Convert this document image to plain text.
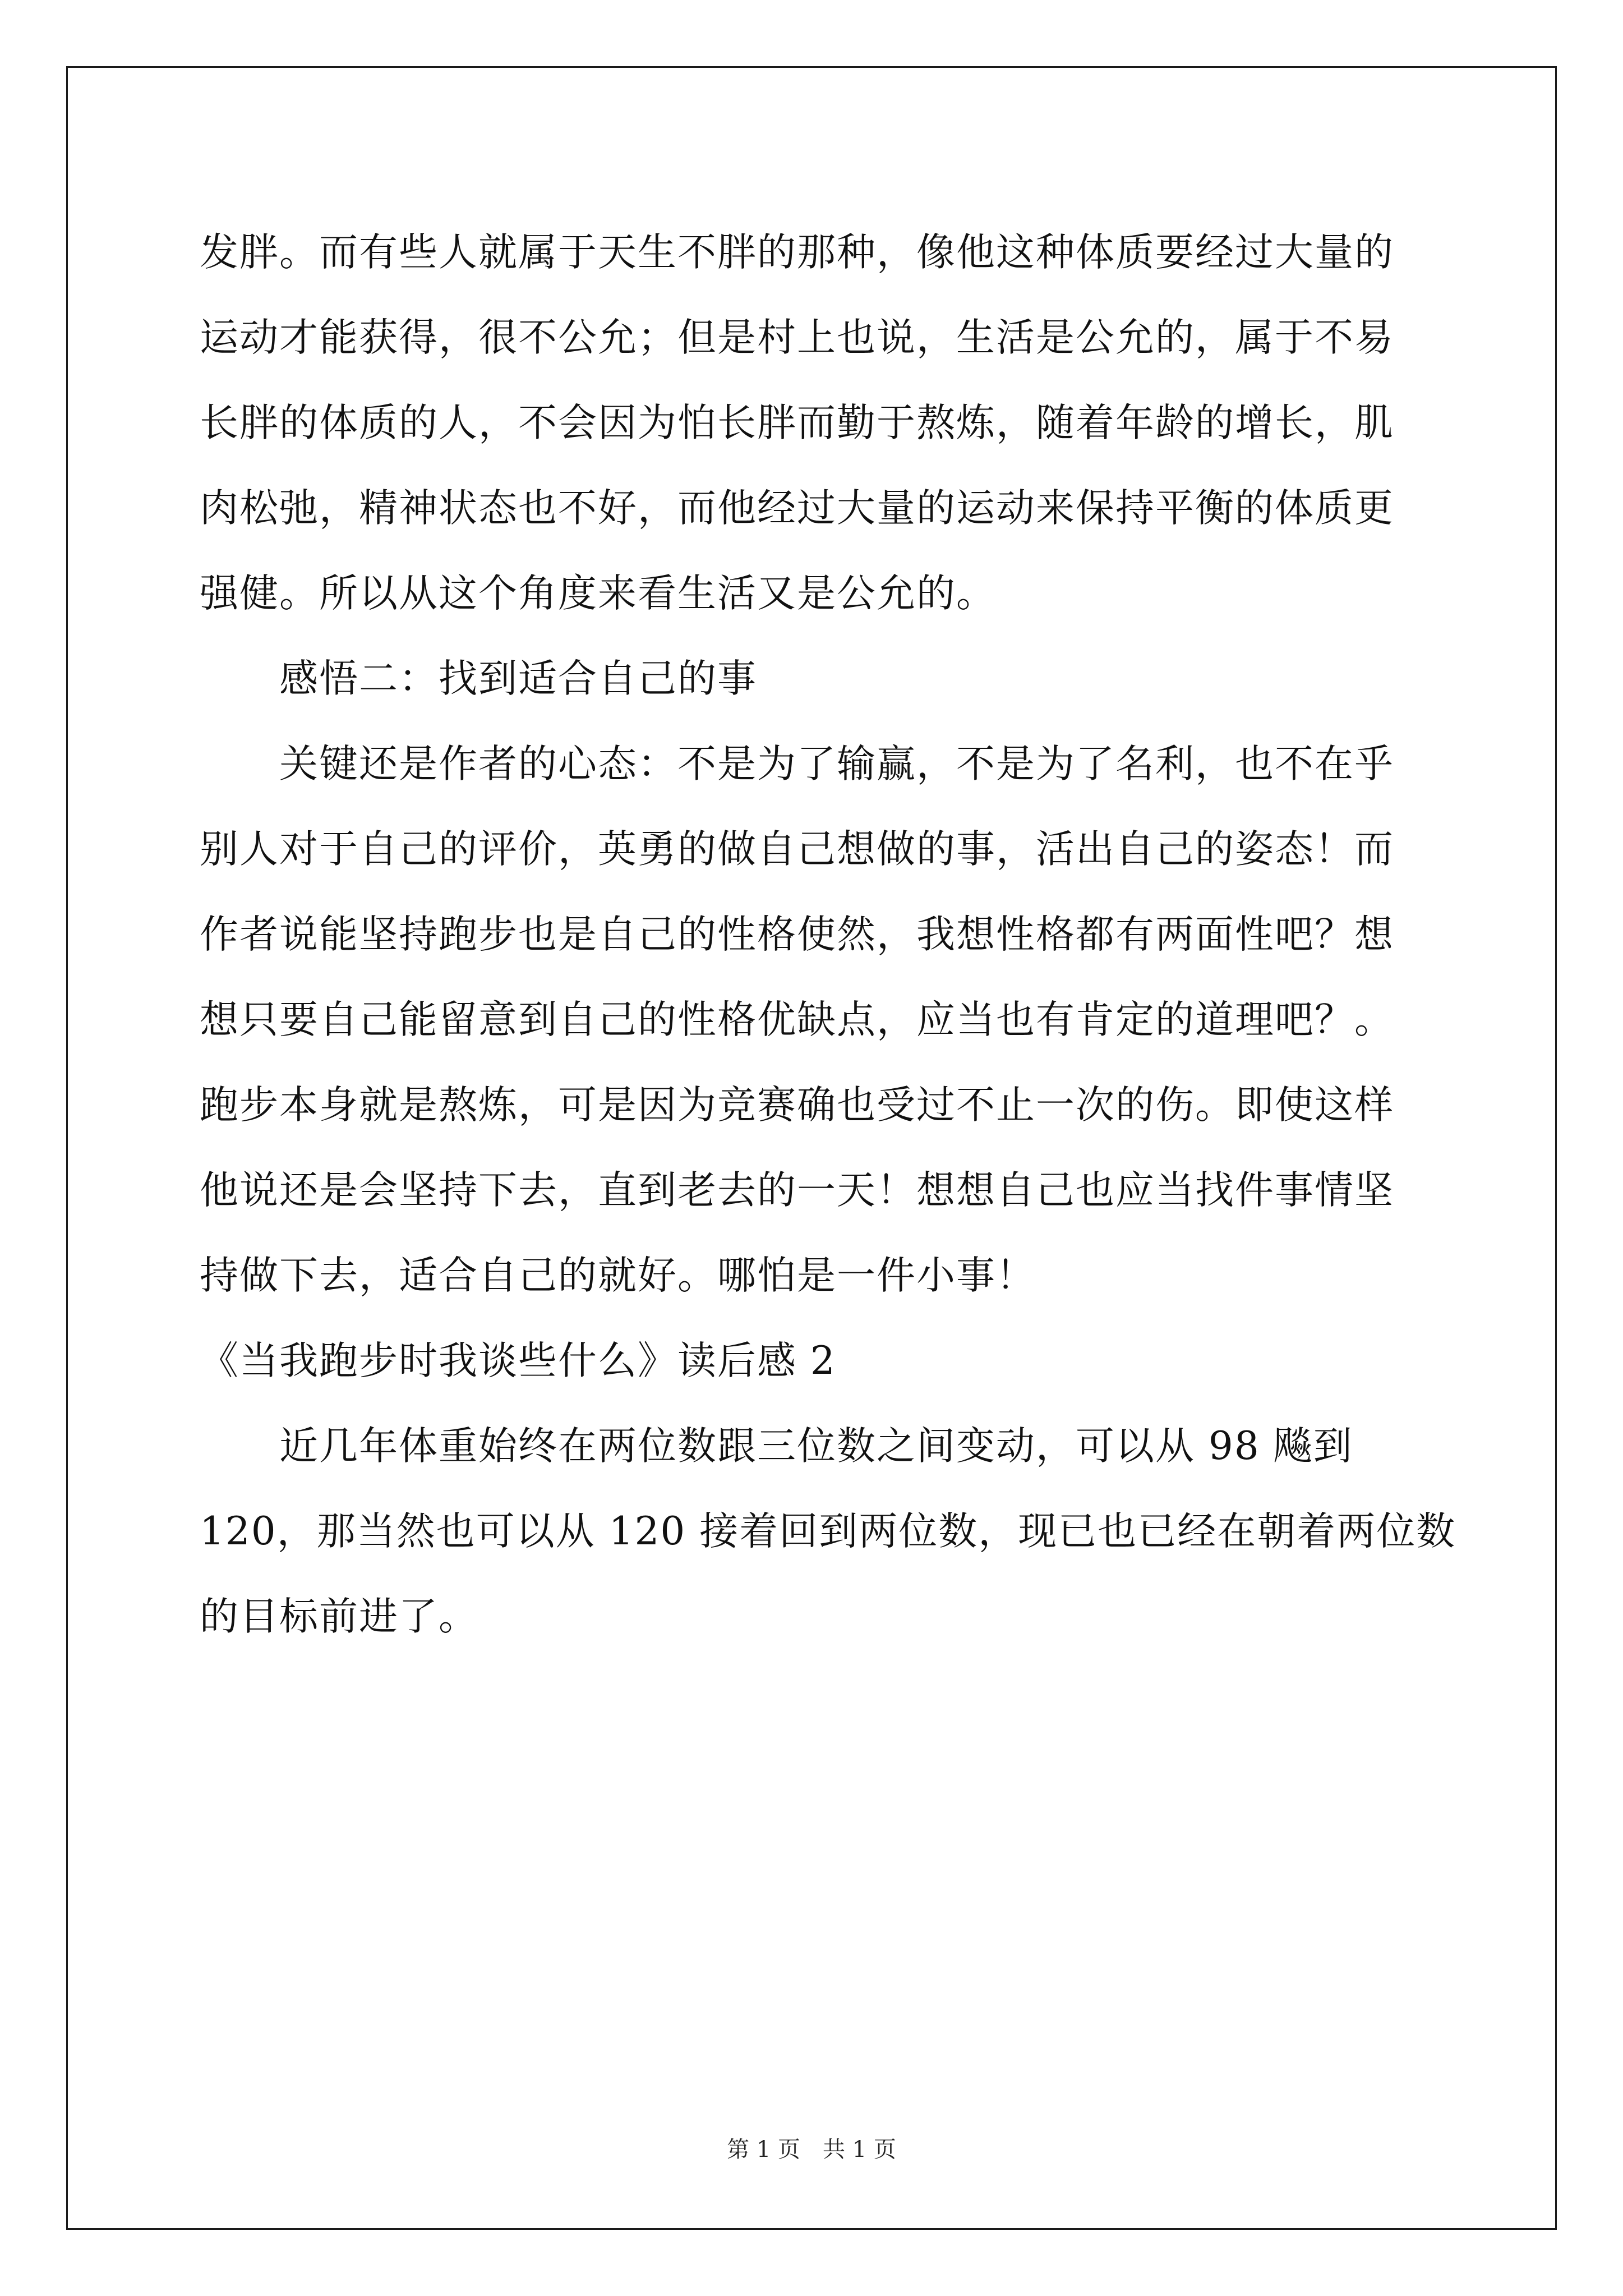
发胖。而有些人就属于天生不胖的那种，像他这种体质要经过大量的
运动才能获得，很不公允；但是村上也说，生活是公允的，属于不易
长胖的体质的人，不会因为怕长胖而勤于熬炼，随着年龄的增长，肌
肉松弛，精神状态也不好，而他经过大量的运动来保持平衡的体质更
强健。所以从这个角度来看生活又是公允的。
　　感悟二：找到适合自己的事
　　关键还是作者的心态：不是为了输赢，不是为了名利，也不在乎
别人对于自己的评价，英勇的做自己想做的事，活出自己的姿态！而
作者说能坚持跑步也是自己的性格使然，我想性格都有两面性吧？想
想只要自己能留意到自己的性格优缺点，应当也有肯定的道理吧？。
跑步本身就是熬炼，可是因为竞赛确也受过不止一次的伤。即使这样
他说还是会坚持下去，直到老去的一天！想想自己也应当找件事情坚
持做下去，适合自己的就好。哪怕是一件小事！
《当我跑步时我谈些什么》读后感 2
　　近几年体重始终在两位数跟三位数之间变动，可以从 98 飚到
120，那当然也可以从 120 接着回到两位数，现已也已经在朝着两位数
的目标前进了。
第 1 页　共 1 页
